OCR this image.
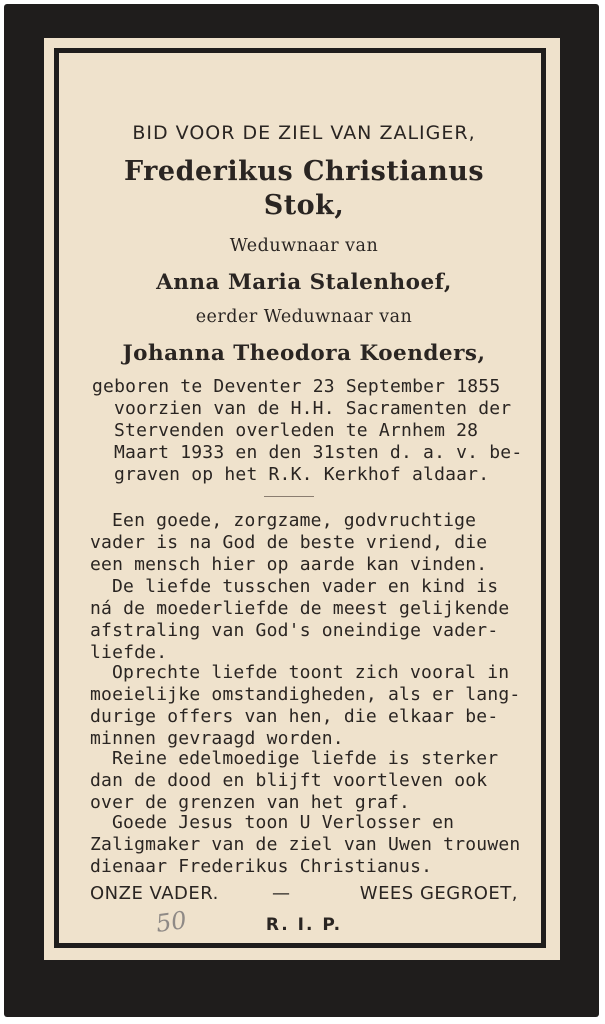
BID VOOR DE ZIEL VAN ZALIGER,
Frederikus Christianus
Stok,
Weduwnaar van
Anna Maria Stalenhoef,
eerder Weduwnaar van
Johanna Theodora Koenders,
geboren te Deventer 23 September 1855
voorzien van de H.H. Sacramenten der
Stervenden overleden te Arnhem 28
Maart 1933 en den 31sten d. a. v. be-
graven op het R.K. Kerkhof aldaar.
Een goede, zorgzame, godvruchtige
vader is na God de beste vriend, die
een mensch hier op aarde kan vinden.
De liefde tusschen vader en kind is
ná de moederliefde de meest gelijkende
afstraling van God's oneindige vader-
liefde.
Oprechte liefde toont zich vooral in
moeielijke omstandigheden, als er lang-
durige offers van hen, die elkaar be-
minnen gevraagd worden.
Reine edelmoedige liefde is sterker
dan de dood en blijft voortleven ook
over de grenzen van het graf.
Goede Jesus toon U Verlosser en
Zaligmaker van de ziel van Uwen trouwen
dienaar Frederikus Christianus.
ONZE VADER.	—	WEES GEGROET,
R. I. P.
50
